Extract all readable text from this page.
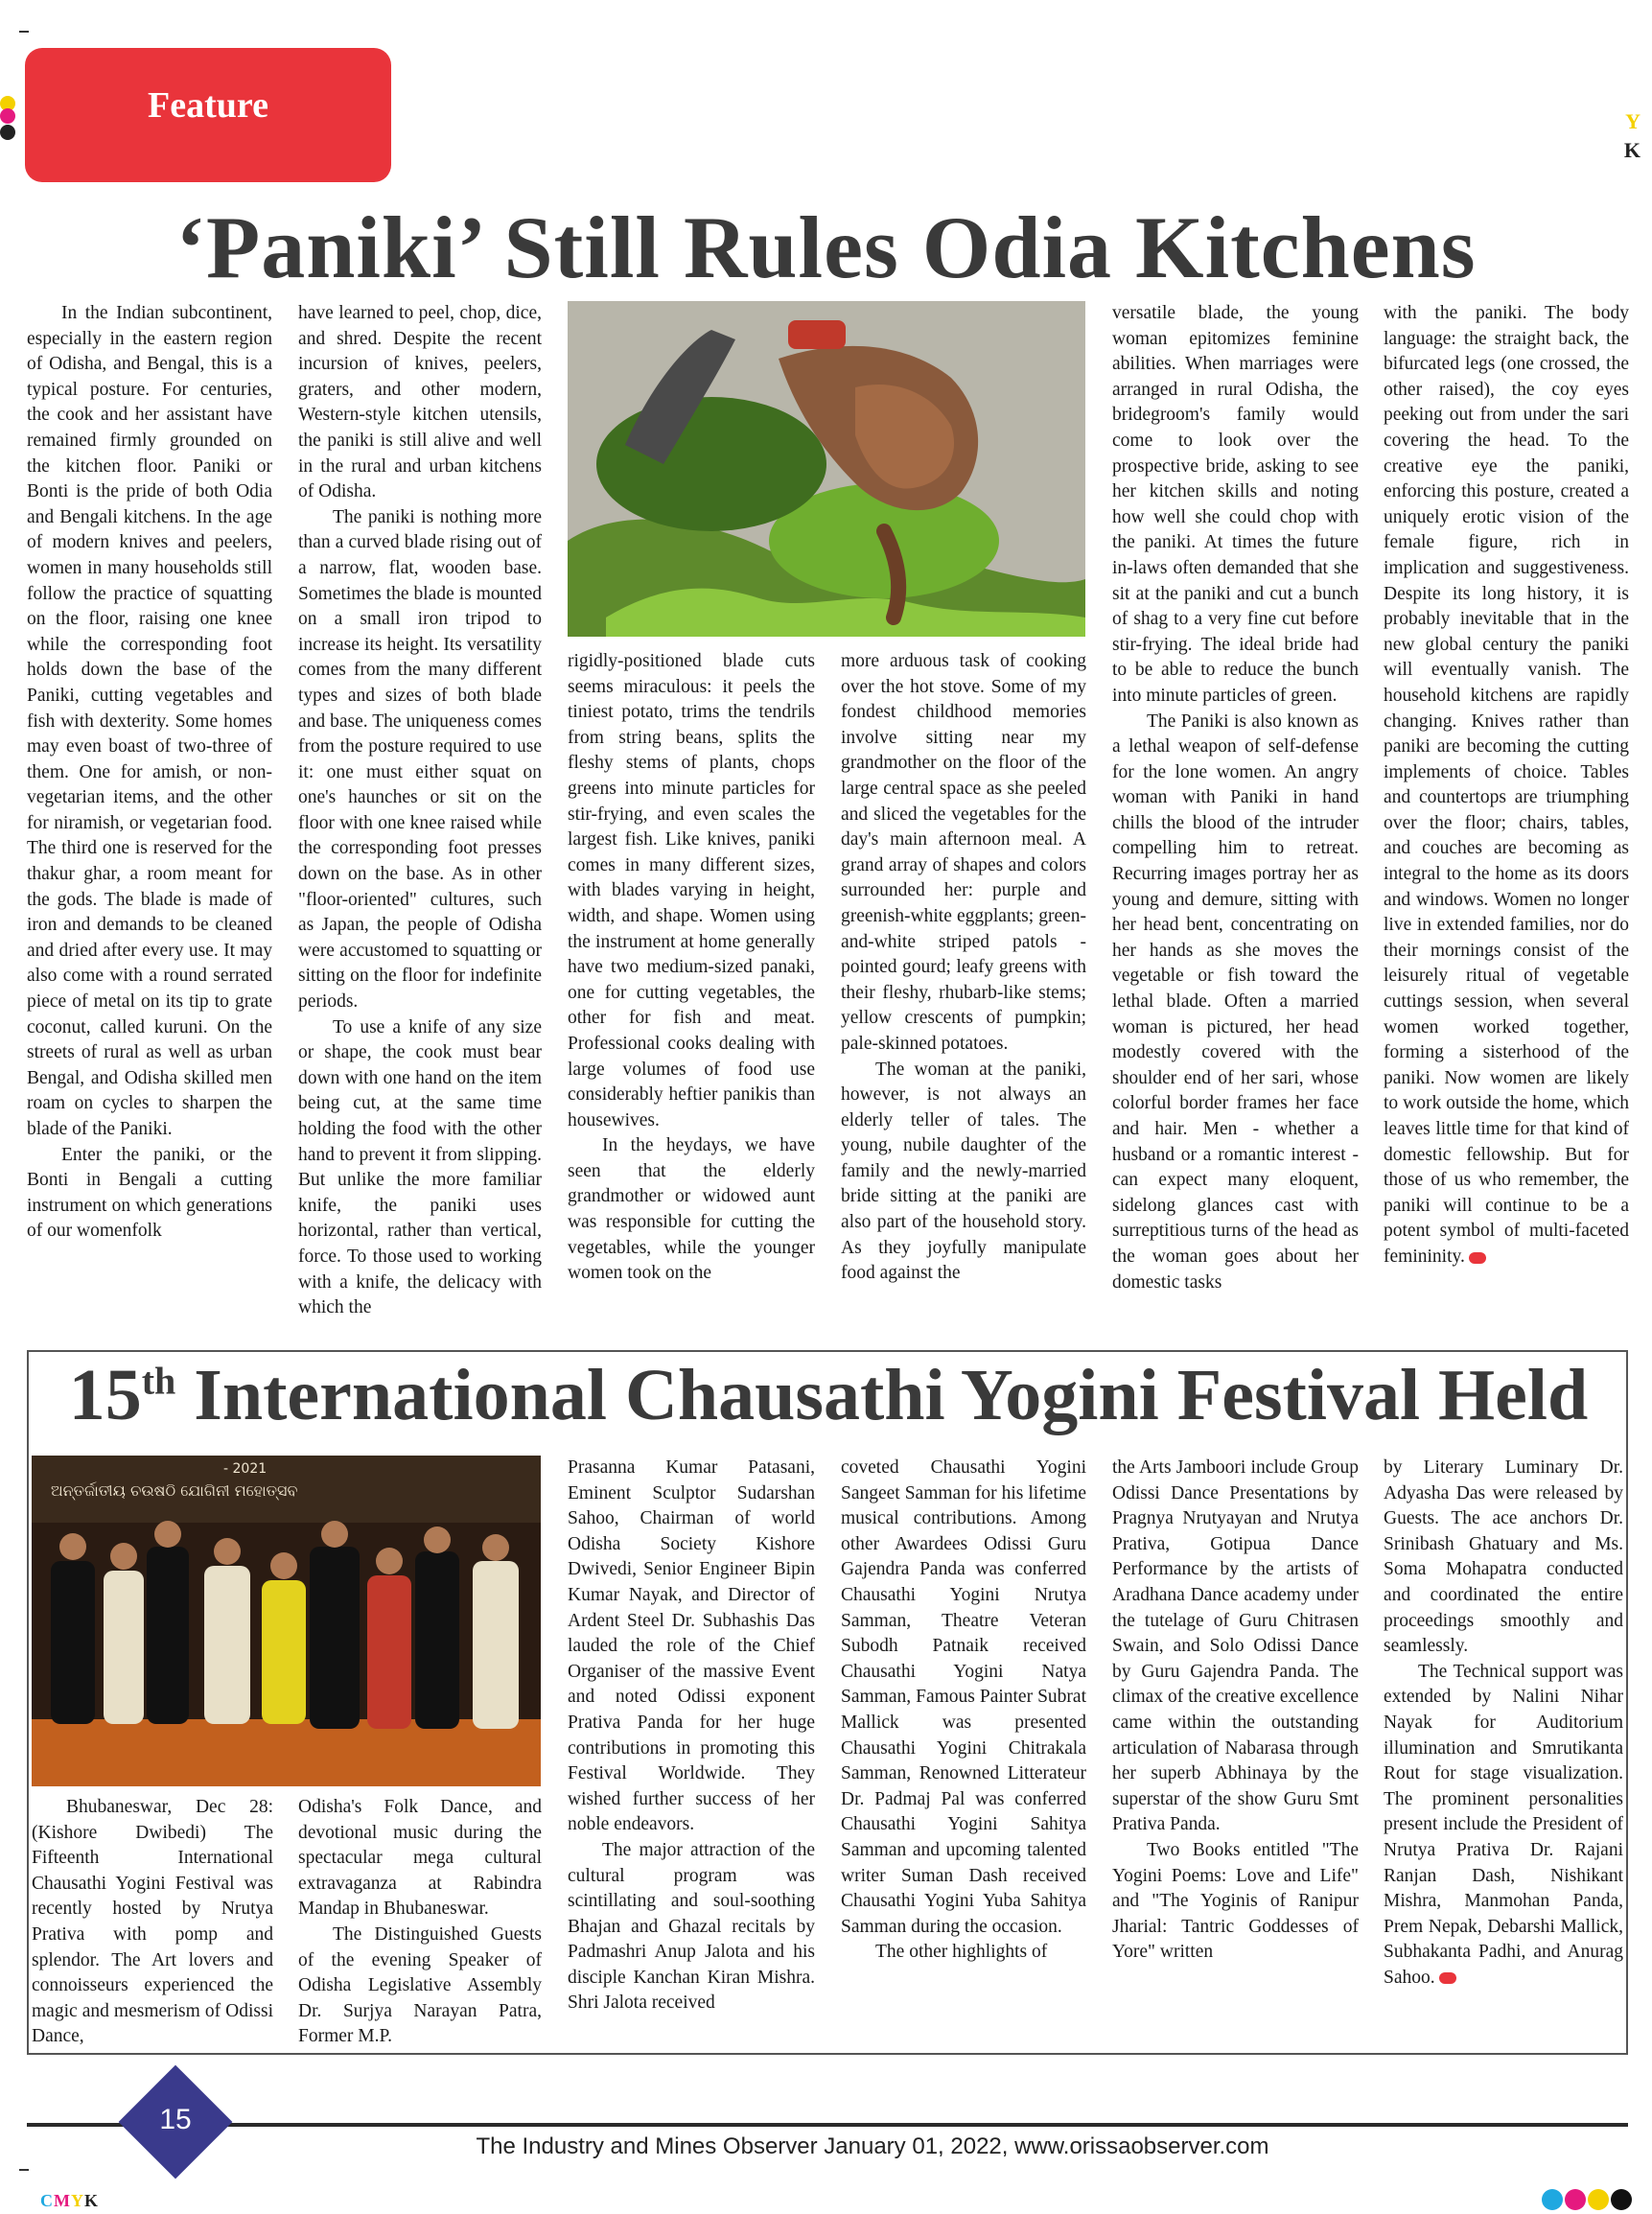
Feature	Y
K
‘Paniki’ Still Rules Odia Kitchens

In the Indian subcontinent, especially in the eastern region of Odisha, and Bengal, this is a typical posture. For centuries, the cook and her assistant have remained firmly grounded on the kitchen floor. Paniki or Bonti is the pride of both Odia and Bengali kitchens. In the age of modern knives and peelers, women in many households still follow the practice of squatting on the floor, raising one knee while the corresponding foot holds down the base of the Paniki, cutting vegetables and fish with dexterity. Some homes may even boast of two-three of them. One for amish, or non-vegetarian items, and the other for niramish, or vegetarian food. The third one is reserved for the thakur ghar, a room meant for the gods. The blade is made of iron and demands to be cleaned and dried after every use. It may also come with a round serrated piece of metal on its tip to grate coconut, called kuruni. On the streets of rural as well as urban Bengal, and Odisha skilled men roam on cycles to sharpen the blade of the Paniki.

Enter the paniki, or the Bonti in Bengali a cutting instrument on which generations of our womenfolk

have learned to peel, chop, dice, and shred. Despite the recent incursion of knives, peelers, graters, and other modern, Western-style kitchen utensils, the paniki is still alive and well in the rural and urban kitchens of Odisha.

The paniki is nothing more than a curved blade rising out of a narrow, flat, wooden base. Sometimes the blade is mounted on a small iron tripod to increase its height. Its versatility comes from the many different types and sizes of both blade and base. The uniqueness comes from the posture required to use it: one must either squat on one's haunches or sit on the floor with one knee raised while the corresponding foot presses down on the base. As in other "floor-oriented" cultures, such as Japan, the people of Odisha were accustomed to squatting or sitting on the floor for indefinite periods.

To use a knife of any size or shape, the cook must bear down with one hand on the item being cut, at the same time holding the food with the other hand to prevent it from slipping. But unlike the more familiar knife, the paniki uses horizontal, rather than vertical, force. To those used to working with a knife, the delicacy with which the

rigidly-positioned blade cuts seems miraculous: it peels the tiniest potato, trims the tendrils from string beans, splits the fleshy stems of plants, chops greens into minute particles for stir-frying, and even scales the largest fish. Like knives, paniki comes in many different sizes, with blades varying in height, width, and shape. Women using the instrument at home generally have two medium-sized panaki, one for cutting vegetables, the other for fish and meat. Professional cooks dealing with large volumes of food use considerably heftier panikis than housewives.

In the heydays, we have seen that the elderly grandmother or widowed aunt was responsible for cutting the vegetables, while the younger women took on the

more arduous task of cooking over the hot stove. Some of my fondest childhood memories involve sitting near my grandmother on the floor of the large central space as she peeled and sliced the vegetables for the day's main afternoon meal. A grand array of shapes and colors surrounded her: purple and greenish-white eggplants; green-and-white striped patols - pointed gourd; leafy greens with their fleshy, rhubarb-like stems; yellow crescents of pumpkin; pale-skinned potatoes.

The woman at the paniki, however, is not always an elderly teller of tales. The young, nubile daughter of the family and the newly-married bride sitting at the paniki are also part of the household story. As they joyfully manipulate food against the

versatile blade, the young woman epitomizes feminine abilities. When marriages were arranged in rural Odisha, the bridegroom's family would come to look over the prospective bride, asking to see her kitchen skills and noting how well she could chop with the paniki. At times the future in-laws often demanded that she sit at the paniki and cut a bunch of shag to a very fine cut before stir-frying. The ideal bride had to be able to reduce the bunch into minute particles of green.

The Paniki is also known as a lethal weapon of self-defense for the lone women. An angry woman with Paniki in hand chills the blood of the intruder compelling him to retreat. Recurring images portray her as young and demure, sitting with her head bent, concentrating on her hands as she moves the vegetable or fish toward the lethal blade. Often a married woman is pictured, her head modestly covered with the shoulder end of her sari, whose colorful border frames her face and hair. Men - whether a husband or a romantic interest - can expect many eloquent, sidelong glances cast with surreptitious turns of the head as the woman goes about her domestic tasks

with the paniki. The body language: the straight back, the bifurcated legs (one crossed, the other raised), the coy eyes peeking out from under the sari covering the head. To the creative eye the paniki, enforcing this posture, created a uniquely erotic vision of the female figure, rich in implication and suggestiveness. Despite its long history, it is probably inevitable that in the new global century the paniki will eventually vanish. The household kitchens are rapidly changing. Knives rather than paniki are becoming the cutting implements of choice. Tables and countertops are triumphing over the floor; chairs, tables, and couches are becoming as integral to the home as its doors and windows. Women no longer live in extended families, nor do their mornings consist of the leisurely ritual of vegetable cuttings session, when several women worked together, forming a sisterhood of the paniki. Now women are likely to work outside the home, which leaves little time for that kind of domestic fellowship. But for those of us who remember, the paniki will continue to be a potent symbol of multi-faceted femininity.

15th International Chausathi Yogini Festival Held
ଅନ୍ତର୍ଜାତୀୟ ଚଉଷଠି ଯୋଗିନୀ ମହୋତ୍ସବ
- 2021

Bhubaneswar, Dec 28: (Kishore Dwibedi) The Fifteenth International Chausathi Yogini Festival was recently hosted by Nrutya Prativa with pomp and splendor. The Art lovers and connoisseurs experienced the magic and mesmerism of Odissi Dance,

Odisha's Folk Dance, and devotional music during the spectacular mega cultural extravaganza at Rabindra Mandap in Bhubaneswar.

The Distinguished Guests of the evening Speaker of Odisha Legislative Assembly Dr. Surjya Narayan Patra, Former M.P.

Prasanna Kumar Patasani, Eminent Sculptor Sudarshan Sahoo, Chairman of world Odisha Society Kishore Dwivedi, Senior Engineer Bipin Kumar Nayak, and Director of Ardent Steel Dr. Subhashis Das lauded the role of the Chief Organiser of the massive Event and noted Odissi exponent Prativa Panda for her huge contributions in promoting this Festival Worldwide. They wished further success of her noble endeavors.

The major attraction of the cultural program was scintillating and soul-soothing Bhajan and Ghazal recitals by Padmashri Anup Jalota and his disciple Kanchan Kiran Mishra. Shri Jalota received

coveted Chausathi Yogini Sangeet Samman for his lifetime musical contributions. Among other Awardees Odissi Guru Gajendra Panda was conferred Chausathi Yogini Nrutya Samman, Theatre Veteran Subodh Patnaik received Chausathi Yogini Natya Samman, Famous Painter Subrat Mallick was presented Chausathi Yogini Chitrakala Samman, Renowned Litterateur Dr. Padmaj Pal was conferred Chausathi Yogini Sahitya Samman and upcoming talented writer Suman Dash received Chausathi Yogini Yuba Sahitya Samman during the occasion.

The other highlights of

the Arts Jamboori include Group Odissi Dance Presentations by Pragnya Nrutyayan and Nrutya Prativa, Gotipua Dance Performance by the artists of Aradhana Dance academy under the tutelage of Guru Chitrasen Swain, and Solo Odissi Dance by Guru Gajendra Panda. The climax of the creative excellence came within the outstanding articulation of Nabarasa through her superb Abhinaya by the superstar of the show Guru Smt Prativa Panda.

Two Books entitled "The Yogini Poems: Love and Life" and "The Yoginis of Ranipur Jharial: Tantric Goddesses of Yore" written

by Literary Luminary Dr. Adyasha Das were released by Guests. The ace anchors Dr. Srinibash Ghatuary and Ms. Soma Mohapatra conducted and coordinated the entire proceedings smoothly and seamlessly.

The Technical support was extended by Nalini Nihar Nayak for Auditorium illumination and Smrutikanta Rout for stage visualization. The prominent personalities present include the President of Nrutya Prativa Dr. Rajani Ranjan Dash, Nishikant Mishra, Manmohan Panda, Prem Nepak, Debarshi Mallick, Subhakanta Padhi, and Anurag Sahoo.

15
The Industry and Mines Observer January 01, 2022, www.orissaobserver.com
CMYK
